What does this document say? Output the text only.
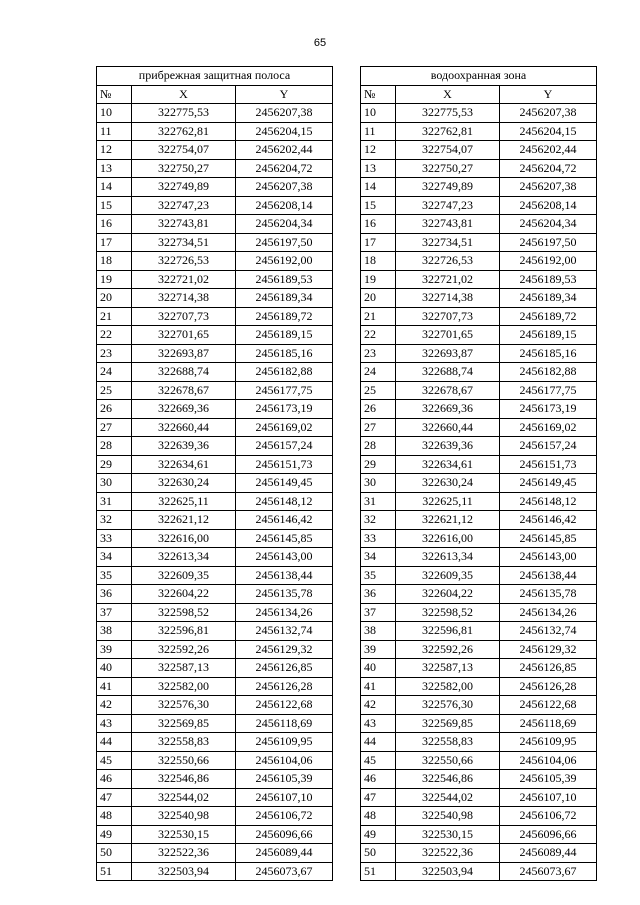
65
прибрежная защитная полоса				водоохранная зона		
№	X	Y		№	X	Y
10	322775,53	2456207,38		10	322775,53	2456207,38
11	322762,81	2456204,15		11	322762,81	2456204,15
12	322754,07	2456202,44		12	322754,07	2456202,44
13	322750,27	2456204,72		13	322750,27	2456204,72
14	322749,89	2456207,38		14	322749,89	2456207,38
15	322747,23	2456208,14		15	322747,23	2456208,14
16	322743,81	2456204,34		16	322743,81	2456204,34
17	322734,51	2456197,50		17	322734,51	2456197,50
18	322726,53	2456192,00		18	322726,53	2456192,00
19	322721,02	2456189,53		19	322721,02	2456189,53
20	322714,38	2456189,34		20	322714,38	2456189,34
21	322707,73	2456189,72		21	322707,73	2456189,72
22	322701,65	2456189,15		22	322701,65	2456189,15
23	322693,87	2456185,16		23	322693,87	2456185,16
24	322688,74	2456182,88		24	322688,74	2456182,88
25	322678,67	2456177,75		25	322678,67	2456177,75
26	322669,36	2456173,19		26	322669,36	2456173,19
27	322660,44	2456169,02		27	322660,44	2456169,02
28	322639,36	2456157,24		28	322639,36	2456157,24
29	322634,61	2456151,73		29	322634,61	2456151,73
30	322630,24	2456149,45		30	322630,24	2456149,45
31	322625,11	2456148,12		31	322625,11	2456148,12
32	322621,12	2456146,42		32	322621,12	2456146,42
33	322616,00	2456145,85		33	322616,00	2456145,85
34	322613,34	2456143,00		34	322613,34	2456143,00
35	322609,35	2456138,44		35	322609,35	2456138,44
36	322604,22	2456135,78		36	322604,22	2456135,78
37	322598,52	2456134,26		37	322598,52	2456134,26
38	322596,81	2456132,74		38	322596,81	2456132,74
39	322592,26	2456129,32		39	322592,26	2456129,32
40	322587,13	2456126,85		40	322587,13	2456126,85
41	322582,00	2456126,28		41	322582,00	2456126,28
42	322576,30	2456122,68		42	322576,30	2456122,68
43	322569,85	2456118,69		43	322569,85	2456118,69
44	322558,83	2456109,95		44	322558,83	2456109,95
45	322550,66	2456104,06		45	322550,66	2456104,06
46	322546,86	2456105,39		46	322546,86	2456105,39
47	322544,02	2456107,10		47	322544,02	2456107,10
48	322540,98	2456106,72		48	322540,98	2456106,72
49	322530,15	2456096,66		49	322530,15	2456096,66
50	322522,36	2456089,44		50	322522,36	2456089,44
51	322503,94	2456073,67		51	322503,94	2456073,67
